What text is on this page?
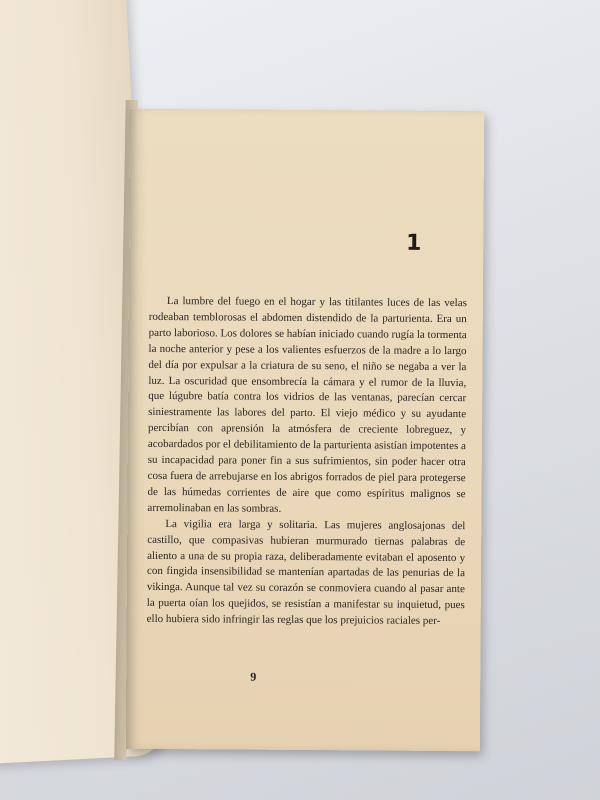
1

La lumbre del fuego en el hogar y las titilantes luces de las velas rodeaban temblorosas el abdomen distendido de la parturienta. Era un parto laborioso. Los dolores se habían iniciado cuando rugía la tormenta la noche anterior y pese a los valientes esfuerzos de la madre a lo largo del día por expulsar a la criatura de su seno, el niño se negaba a ver la luz. La oscuridad que ensombrecía la cámara y el rumor de la lluvia, que lúgubre batía contra los vidrios de las ventanas, parecían cercar siniestramente las labores del parto. El viejo médico y su ayudante percibían con aprensión la atmósfera de creciente lobreguez, y acobardados por el debilitamiento de la parturienta asistían impotentes a su incapacidad para poner fin a sus sufrimientos, sin poder hacer otra cosa fuera de arrebujarse en los abrigos forrados de piel para protegerse de las húmedas corrientes de aire que como espíritus malignos se arremolinaban en las sombras.

La vigilia era larga y solitaria. Las mujeres anglosajonas del castillo, que compasivas hubieran murmurado tiernas palabras de aliento a una de su propia raza, deliberadamente evitaban el aposento y con fingida insensibilidad se mantenían apartadas de las penurias de la vikinga. Aunque tal vez su corazón se conmoviera cuando al pasar ante la puerta oían los quejidos, se resistían a manifestar su inquietud, pues ello hubiera sido infringir las reglas que los prejuicios raciales per-

9
